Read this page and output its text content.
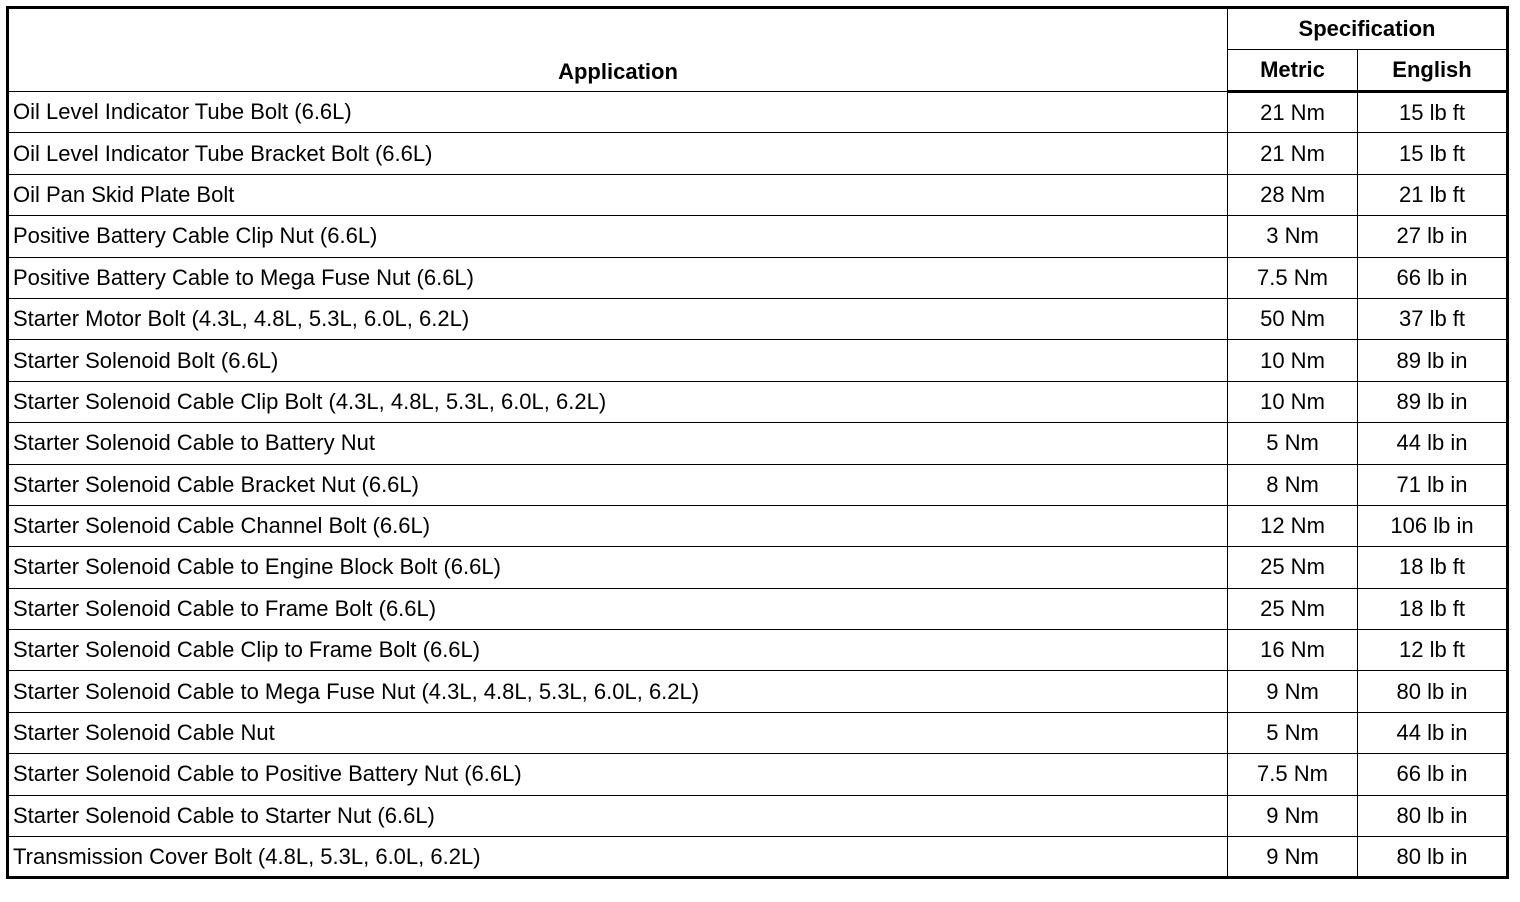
Application	Specification	
	Metric	English
Oil Level Indicator Tube Bolt (6.6L)	21 Nm	15 lb ft
Oil Level Indicator Tube Bracket Bolt (6.6L)	21 Nm	15 lb ft
Oil Pan Skid Plate Bolt	28 Nm	21 lb ft
Positive Battery Cable Clip Nut (6.6L)	3 Nm	27 lb in
Positive Battery Cable to Mega Fuse Nut (6.6L)	7.5 Nm	66 lb in
Starter Motor Bolt (4.3L, 4.8L, 5.3L, 6.0L, 6.2L)	50 Nm	37 lb ft
Starter Solenoid Bolt (6.6L)	10 Nm	89 lb in
Starter Solenoid Cable Clip Bolt (4.3L, 4.8L, 5.3L, 6.0L, 6.2L)	10 Nm	89 lb in
Starter Solenoid Cable to Battery Nut	5 Nm	44 lb in
Starter Solenoid Cable Bracket Nut (6.6L)	8 Nm	71 lb in
Starter Solenoid Cable Channel Bolt (6.6L)	12 Nm	106 lb in
Starter Solenoid Cable to Engine Block Bolt (6.6L)	25 Nm	18 lb ft
Starter Solenoid Cable to Frame Bolt (6.6L)	25 Nm	18 lb ft
Starter Solenoid Cable Clip to Frame Bolt (6.6L)	16 Nm	12 lb ft
Starter Solenoid Cable to Mega Fuse Nut (4.3L, 4.8L, 5.3L, 6.0L, 6.2L)	9 Nm	80 lb in
Starter Solenoid Cable Nut	5 Nm	44 lb in
Starter Solenoid Cable to Positive Battery Nut (6.6L)	7.5 Nm	66 lb in
Starter Solenoid Cable to Starter Nut (6.6L)	9 Nm	80 lb in
Transmission Cover Bolt (4.8L, 5.3L, 6.0L, 6.2L)	9 Nm	80 lb in
